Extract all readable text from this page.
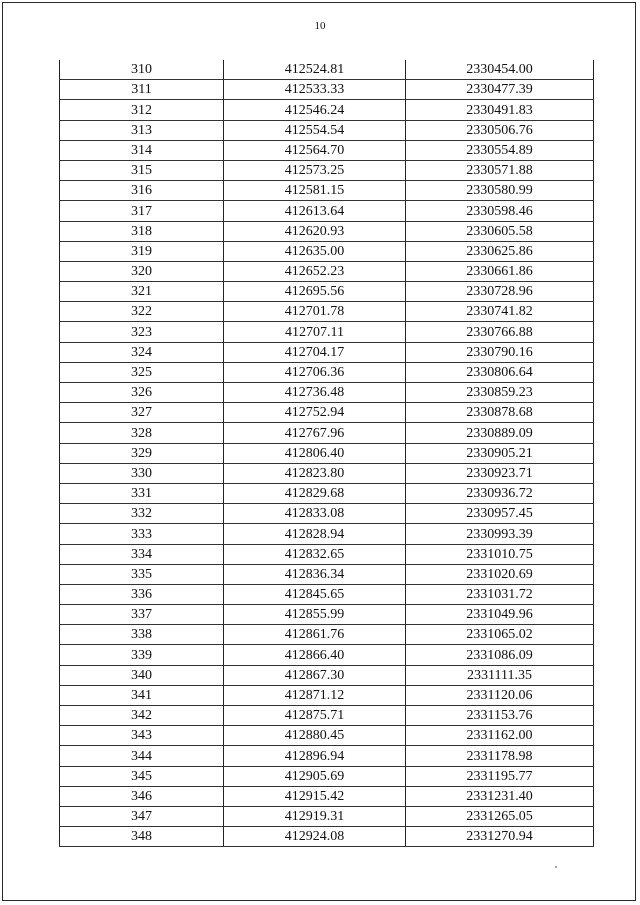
10
310	412524.81	2330454.00
311	412533.33	2330477.39
312	412546.24	2330491.83
313	412554.54	2330506.76
314	412564.70	2330554.89
315	412573.25	2330571.88
316	412581.15	2330580.99
317	412613.64	2330598.46
318	412620.93	2330605.58
319	412635.00	2330625.86
320	412652.23	2330661.86
321	412695.56	2330728.96
322	412701.78	2330741.82
323	412707.11	2330766.88
324	412704.17	2330790.16
325	412706.36	2330806.64
326	412736.48	2330859.23
327	412752.94	2330878.68
328	412767.96	2330889.09
329	412806.40	2330905.21
330	412823.80	2330923.71
331	412829.68	2330936.72
332	412833.08	2330957.45
333	412828.94	2330993.39
334	412832.65	2331010.75
335	412836.34	2331020.69
336	412845.65	2331031.72
337	412855.99	2331049.96
338	412861.76	2331065.02
339	412866.40	2331086.09
340	412867.30	2331111.35
341	412871.12	2331120.06
342	412875.71	2331153.76
343	412880.45	2331162.00
344	412896.94	2331178.98
345	412905.69	2331195.77
346	412915.42	2331231.40
347	412919.31	2331265.05
348	412924.08	2331270.94
